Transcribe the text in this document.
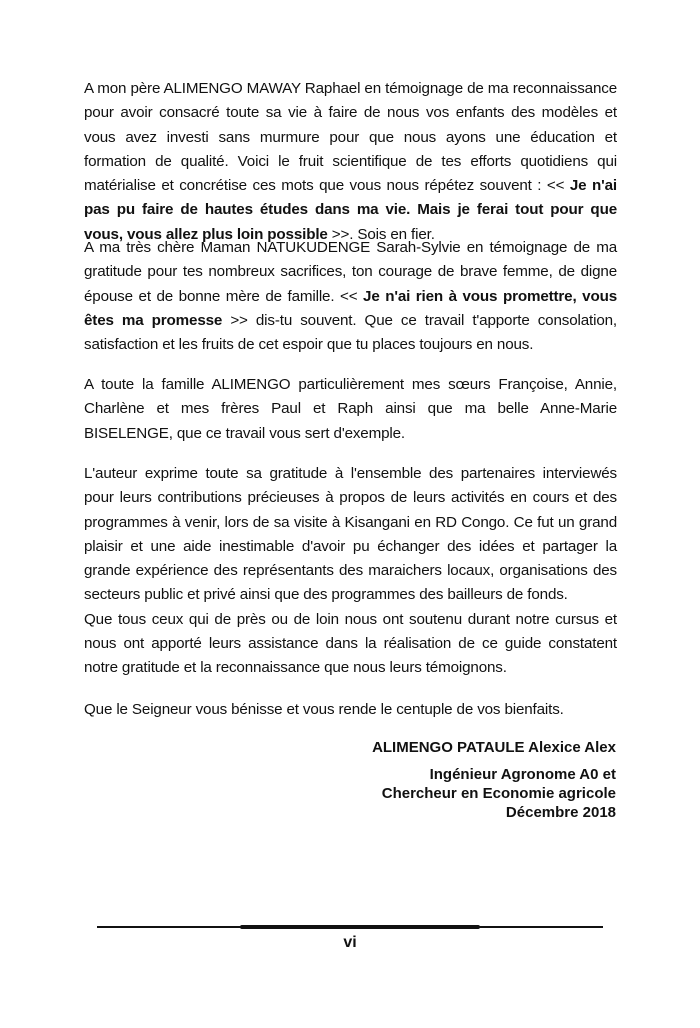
A mon père ALIMENGO MAWAY Raphael en témoignage de ma reconnaissance pour avoir consacré toute sa vie à faire de nous vos enfants des modèles et vous avez investi sans murmure pour que nous ayons une éducation et formation de qualité. Voici le fruit scientifique de tes efforts quotidiens qui matérialise et concrétise ces mots que vous nous répétez souvent : << Je n'ai pas pu faire de hautes études dans ma vie. Mais je ferai tout pour que vous, vous allez plus loin possible >>. Sois en fier.

A ma très chère Maman NATUKUDENGE Sarah-Sylvie en témoignage de ma gratitude pour tes nombreux sacrifices, ton courage de brave femme, de digne épouse et de bonne mère de famille. << Je n'ai rien à vous promettre, vous êtes ma promesse >> dis-tu souvent. Que ce travail t'apporte consolation, satisfaction et les fruits de cet espoir que tu places toujours en nous.

A toute la famille ALIMENGO particulièrement mes sœurs Françoise, Annie, Charlène et mes frères Paul et Raph ainsi que ma belle Anne-Marie BISELENGE, que ce travail vous sert d'exemple.

L'auteur exprime toute sa gratitude à l'ensemble des partenaires interviewés pour leurs contributions précieuses à propos de leurs activités en cours et des programmes à venir, lors de sa visite à Kisangani en RD Congo. Ce fut un grand plaisir et une aide inestimable d'avoir pu échanger des idées et partager la grande expérience des représentants des maraichers locaux, organisations des secteurs public et privé ainsi que des programmes des bailleurs de fonds.

Que tous ceux qui de près ou de loin nous ont soutenu durant notre cursus et nous ont apporté leurs assistance dans la réalisation de ce guide constatent notre gratitude et la reconnaissance que nous leurs témoignons.

Que le Seigneur vous bénisse et vous rende le centuple de vos bienfaits.

ALIMENGO PATAULE Alexice Alex
Ingénieur Agronome A0 et
Chercheur en Economie agricole
Décembre 2018
vi
